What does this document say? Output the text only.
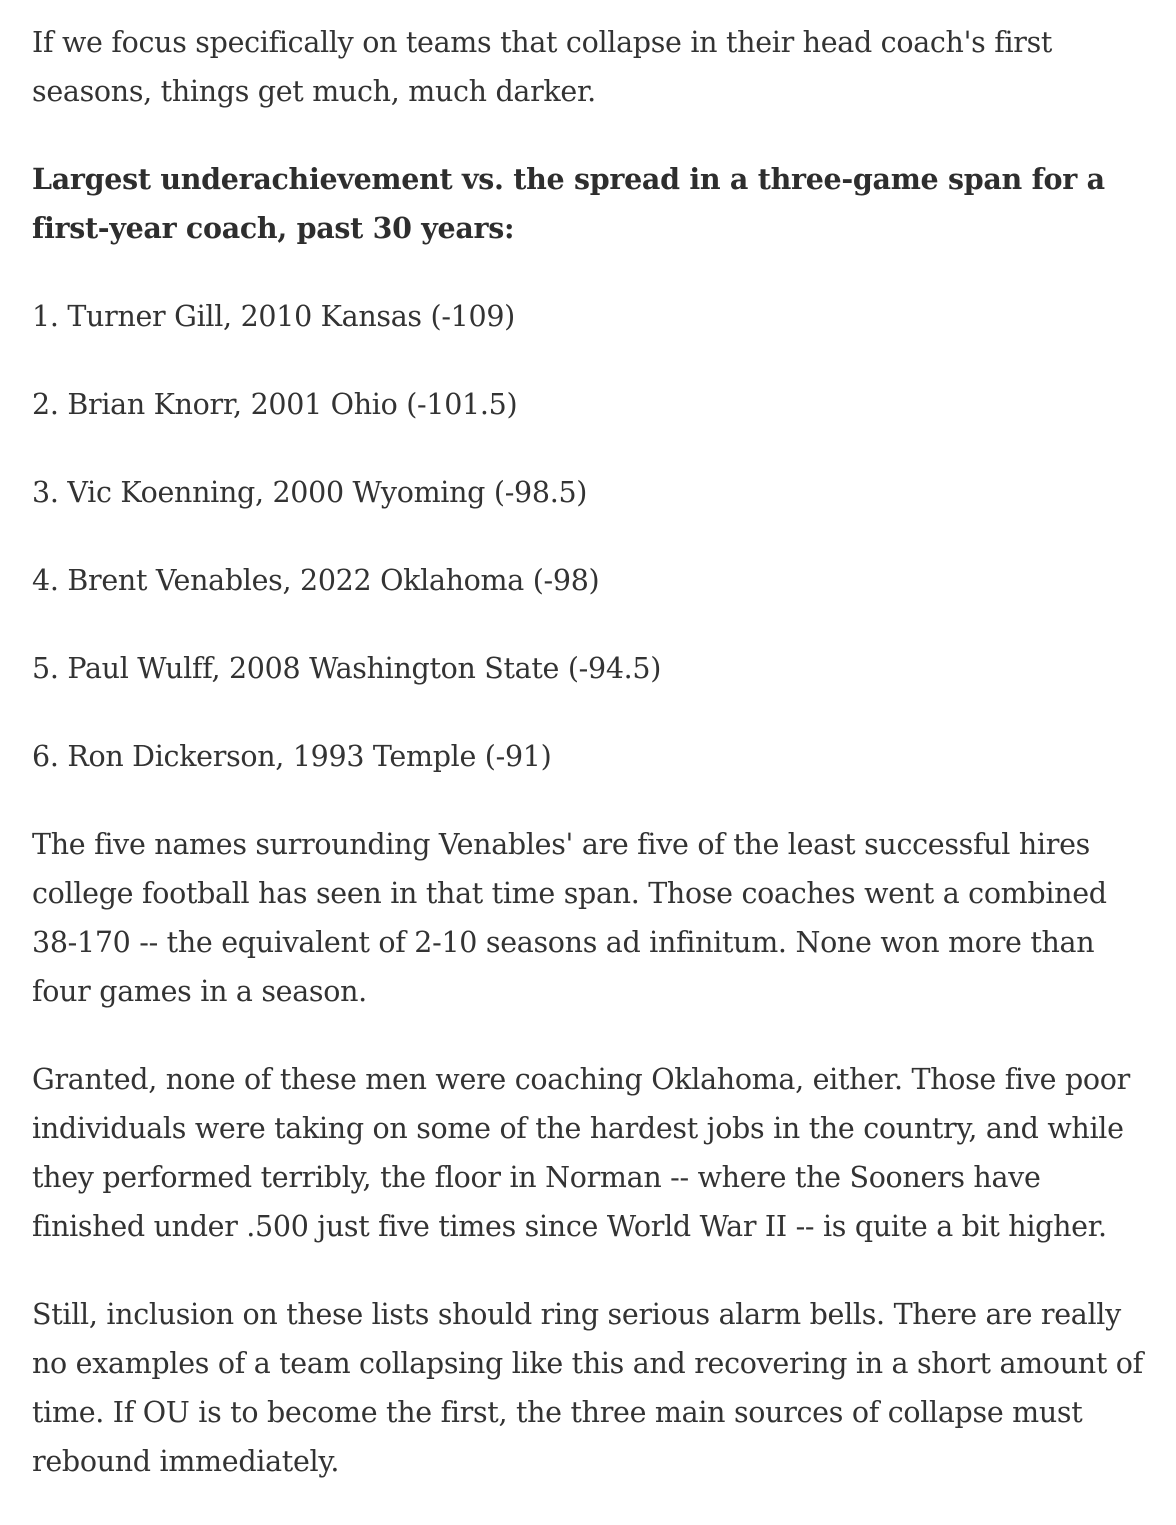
If we focus specifically on teams that collapse in their head coach's first seasons, things get much, much darker.

Largest underachievement vs. the spread in a three-game span for a first-year coach, past 30 years:

1. Turner Gill, 2010 Kansas (-109)
2. Brian Knorr, 2001 Ohio (-101.5)
3. Vic Koenning, 2000 Wyoming (-98.5)
4. Brent Venables, 2022 Oklahoma (-98)
5. Paul Wulff, 2008 Washington State (-94.5)
6. Ron Dickerson, 1993 Temple (-91)

The five names surrounding Venables' are five of the least successful hires college football has seen in that time span. Those coaches went a combined 38-170 -- the equivalent of 2-10 seasons ad infinitum. None won more than four games in a season.

Granted, none of these men were coaching Oklahoma, either. Those five poor individuals were taking on some of the hardest jobs in the country, and while they performed terribly, the floor in Norman -- where the Sooners have finished under .500 just five times since World War II -- is quite a bit higher.

Still, inclusion on these lists should ring serious alarm bells. There are really no examples of a team collapsing like this and recovering in a short amount of time. If OU is to become the first, the three main sources of collapse must rebound immediately.
